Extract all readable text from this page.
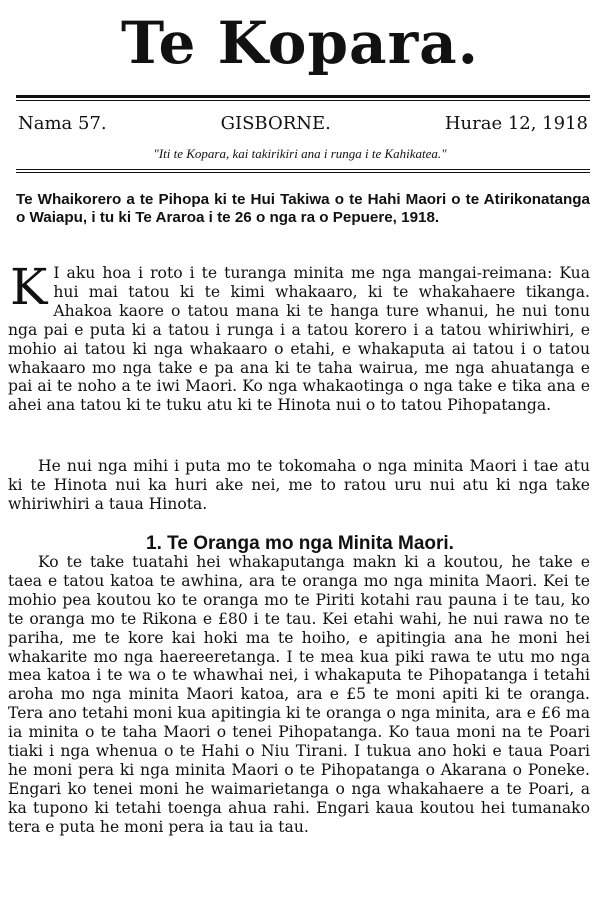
Te Kopara.
Nama 57.	GISBORNE.	Hurae 12, 1918
"Iti te Kopara, kai takirikiri ana i runga i te Kahikatea."
Te Whaikorero a te Pihopa ki te Hui Takiwa o te Hahi Maori o te Atirikonatanga o Waiapu, i tu ki Te Araroa i te 26 o nga ra o Pepuere, 1918.

K I aku hoa i roto i te turanga minita me nga mangai-reimana: Kua hui mai tatou ki te kimi whakaaro, ki te whakahaere tikanga. Ahakoa kaore o tatou mana ki te hanga ture whanui, he nui tonu nga pai e puta ki a tatou i runga i a tatou korero i a tatou whiriwhiri, e mohio ai tatou ki nga whakaaro o etahi, e whakaputa ai tatou i o tatou whakaaro mo nga take e pa ana ki te taha wairua, me nga ahuatanga e pai ai te noho a te iwi Maori. Ko nga whakaotinga o nga take e tika ana e ahei ana tatou ki te tuku atu ki te Hinota nui o to tatou Pihopatanga.

He nui nga mihi i puta mo te tokomaha o nga minita Maori i tae atu ki te Hinota nui ka huri ake nei, me to ratou uru nui atu ki nga take whiriwhiri a taua Hinota.

1. Te Oranga mo nga Minita Maori.

Ko te take tuatahi hei whakaputanga makn ki a koutou, he take e taea e tatou katoa te awhina, ara te oranga mo nga minita Maori. Kei te mohio pea koutou ko te oranga mo te Piriti kotahi rau pauna i te tau, ko te oranga mo te Rikona e £80 i te tau. Kei etahi wahi, he nui rawa no te pariha, me te kore kai hoki ma te hoiho, e apitingia ana he moni hei whakarite mo nga haereeretanga. I te mea kua piki rawa te utu mo nga mea katoa i te wa o te whawhai nei, i whakaputa te Pihopatanga i tetahi aroha mo nga minita Maori katoa, ara e £5 te moni apiti ki te oranga. Tera ano tetahi moni kua apitingia ki te oranga o nga minita, ara e £6 ma ia minita o te taha Maori o tenei Pihopatanga. Ko taua moni na te Poari tiaki i nga whenua o te Hahi o Niu Tirani. I tukua ano hoki e taua Poari he moni pera ki nga minita Maori o te Pihopatanga o Akarana o Poneke. Engari ko tenei moni he waimarietanga o nga whakahaere a te Poari, a ka tupono ki tetahi toenga ahua rahi. Engari kaua koutou hei tumanako tera e puta he moni pera ia tau ia tau.
